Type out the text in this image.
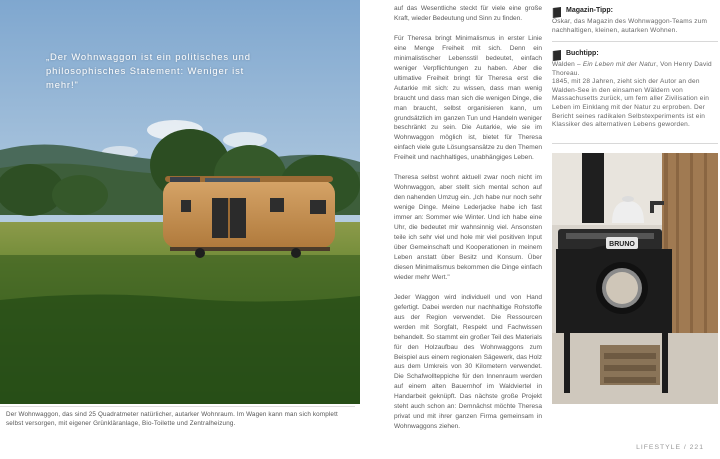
„Der Wohnwaggon ist ein politisches und philosophisches Statement: Weniger ist mehr!"
Der Wohnwaggon, das sind 25 Quadratmeter natürlicher, autarker Wohnraum. Im Wagen kann man sich komplett selbst versorgen, mit eigener Grünkläranlage, Bio-Toilette und Zentralheizung.

auf das Wesentliche steckt für viele eine große Kraft, wieder Bedeutung und Sinn zu finden.

Für Theresa bringt Minimalismus in erster Linie eine Menge Freiheit mit sich. Denn ein minimalistischer Lebensstil bedeutet, einfach weniger Verpflichtungen zu haben. Aber die ultimative Freiheit bringt für Theresa erst die Autarkie mit sich: zu wissen, dass man wenig braucht und dass man sich die wenigen Dinge, die man braucht, selbst organisieren kann, um grundsätzlich im ganzen Tun und Handeln weniger beschränkt zu sein. Die Autarkie, wie sie im Wohnwaggon möglich ist, bietet für Theresa einfach viele gute Lösungsansätze zu den Themen Freiheit und nachhaltiges, unabhängiges Leben.

Theresa selbst wohnt aktuell zwar noch nicht im Wohnwaggon, aber stellt sich mental schon auf den nahenden Umzug ein. „Ich habe nur noch sehr wenige Dinge. Meine Lederjacke habe ich fast immer an: Sommer wie Winter. Und ich habe eine Uhr, die bedeutet mir wahnsinnig viel. Ansonsten teile ich sehr viel und hole mir viel positiven Input über Gemeinschaft und Kooperationen in meinem Leben anstatt über Besitz und Konsum. Über diesen Minimalismus bekommen die Dinge einfach wieder mehr Wert."

Jeder Waggon wird individuell und von Hand gefertigt. Dabei werden nur nachhaltige Rohstoffe aus der Region verwendet. Die Ressourcen werden mit Sorgfalt, Respekt und Fachwissen behandelt. So stammt ein großer Teil des Materials für den Holzaufbau des Wohnwaggons zum Beispiel aus einem regionalen Sägewerk, das Holz aus dem Umkreis von 30 Kilometern verwendet. Die Schafwollteppiche für den Innenraum werden auf einem alten Bauernhof im Waldviertel in Handarbeit geknüpft. Das nächste große Projekt steht auch schon an: Demnächst möchte Theresa privat und mit ihrer ganzen Firma gemeinsam in Wohnwaggons ziehen.

Magazin-Tipp:
Oskar, das Magazin des Wohnwaggon-Teams zum nachhaltigen, kleinen, autarken Wohnen.
Buchtipp:
Walden – Ein Leben mit der Natur, Von Henry David Thoreau.
1845, mit 28 Jahren, zieht sich der Autor an den Walden-See in den einsamen Wäldern von Massachusetts zurück, um fern aller Zivilisation ein Leben im Einklang mit der Natur zu erproben. Der Bericht seines radikalen Selbstexperiments ist ein Klassiker des alternativen Lebens geworden.
BRUNO
LIFESTYLE / 221
